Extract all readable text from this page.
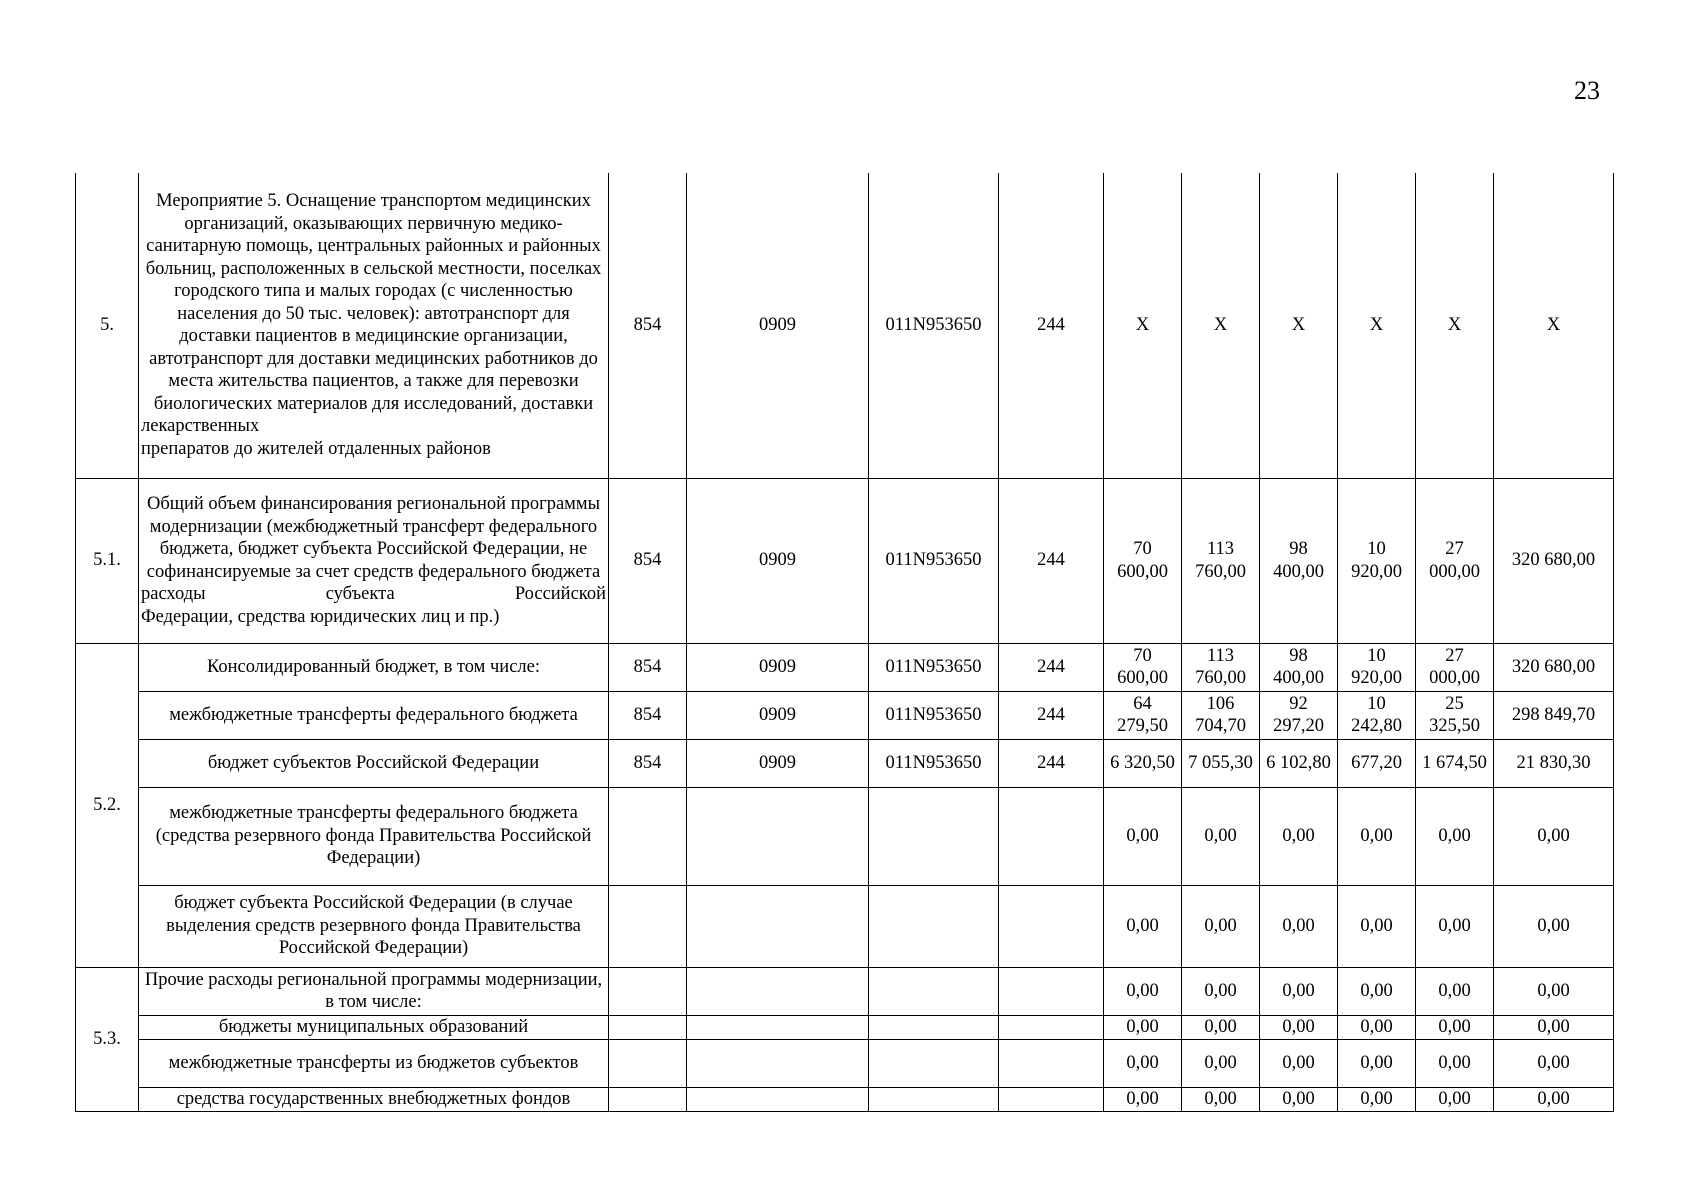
23
5.	Мероприятие 5. Оснащение транспортом медицинских организаций, оказывающих первичную медико-санитарную помощь, центральных районных и районных больниц, расположенных в сельской местности, поселках городского типа и малых городах (с численностью населения до 50 тыс. человек): автотранспорт для доставки пациентов в медицинские организации, автотранспорт для доставки медицинских работников до места жительства пациентов, а также для перевозки биологических материалов для исследований, доставки лекарственных
препаратов до жителей отдаленных районов	854	0909	011N953650	244	X	X	X	X	X	X
5.1.	Общий объем финансирования региональной программы модернизации (межбюджетный трансферт федерального бюджета, бюджет субъекта Российской Федерации, не софинансируемые за счет средств федерального бюджета расходы субъекта Российской
Федерации, средства юридических лиц и пр.)	854	0909	011N953650	244	70 600,00	113 760,00	98 400,00	10 920,00	27 000,00	320 680,00
5.2.	Консолидированный бюджет, в том числе:	854	0909	011N953650	244	70 600,00	113 760,00	98 400,00	10 920,00	27 000,00	320 680,00
	межбюджетные трансферты федерального бюджета	854	0909	011N953650	244	64 279,50	106 704,70	92 297,20	10 242,80	25 325,50	298 849,70
	бюджет субъектов Российской Федерации	854	0909	011N953650	244	6 320,50	7 055,30	6 102,80	677,20	1 674,50	21 830,30
	межбюджетные трансферты федерального бюджета (средства резервного фонда Правительства Российской Федерации)					0,00	0,00	0,00	0,00	0,00	0,00
	бюджет субъекта Российской Федерации (в случае выделения средств резервного фонда Правительства Российской Федерации)					0,00	0,00	0,00	0,00	0,00	0,00
5.3.	Прочие расходы региональной программы модернизации, в том числе:					0,00	0,00	0,00	0,00	0,00	0,00
	бюджеты муниципальных образований					0,00	0,00	0,00	0,00	0,00	0,00
	межбюджетные трансферты из бюджетов субъектов					0,00	0,00	0,00	0,00	0,00	0,00
	средства государственных внебюджетных фондов					0,00	0,00	0,00	0,00	0,00	0,00
